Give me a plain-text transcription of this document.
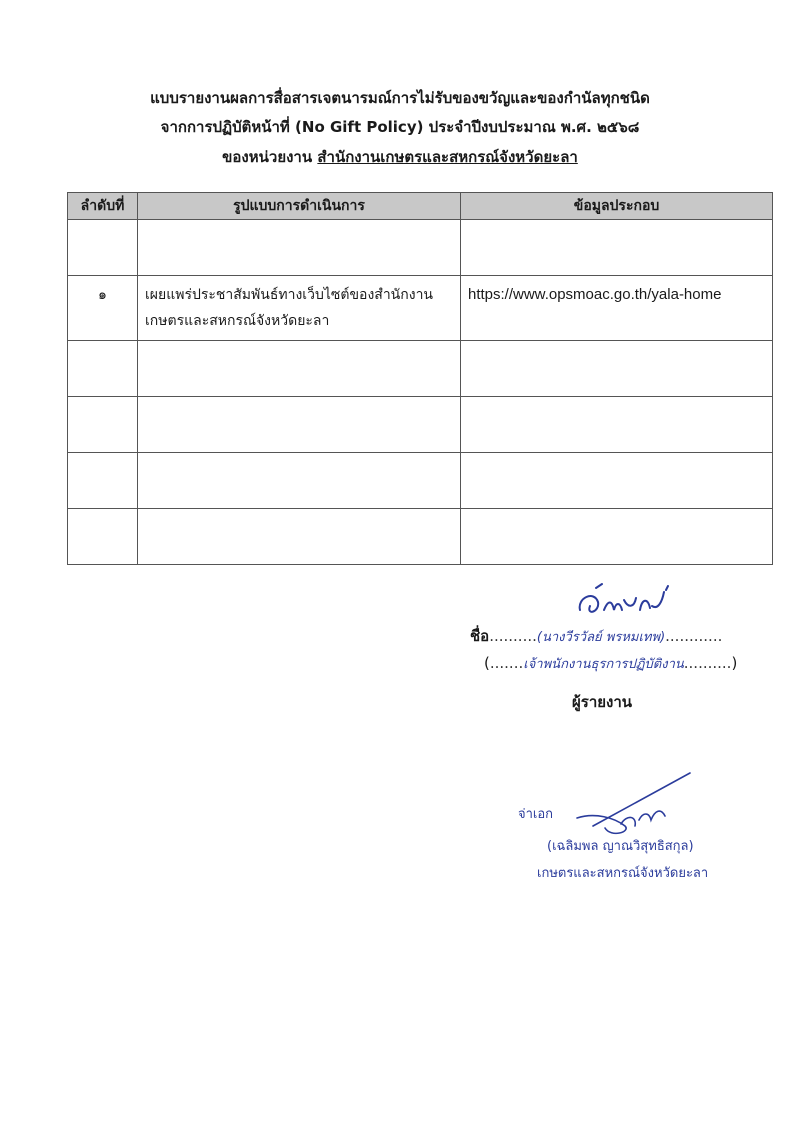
แบบรายงานผลการสื่อสารเจตนารมณ์การไม่รับของขวัญและของกำนัลทุกชนิด
จากการปฏิบัติหน้าที่ (No Gift Policy) ประจำปีงบประมาณ พ.ศ. ๒๕๖๘
ของหน่วยงาน สำนักงานเกษตรและสหกรณ์จังหวัดยะลา
ลำดับที่	รูปแบบการดำเนินการ	ข้อมูลประกอบ

๑	เผยแพร่ประชาสัมพันธ์ทางเว็บไซต์ของสำนักงานเกษตรและสหกรณ์จังหวัดยะลา	https://www.opsmoac.go.th/yala-home

ชื่อ..........(นางวีรวัลย์ พรหมเทพ)............
(.......เจ้าพนักงานธุรการปฏิบัติงาน..........)
ผู้รายงาน
จ่าเอก
(เฉลิมพล ญาณวิสุทธิสกุล)
เกษตรและสหกรณ์จังหวัดยะลา
